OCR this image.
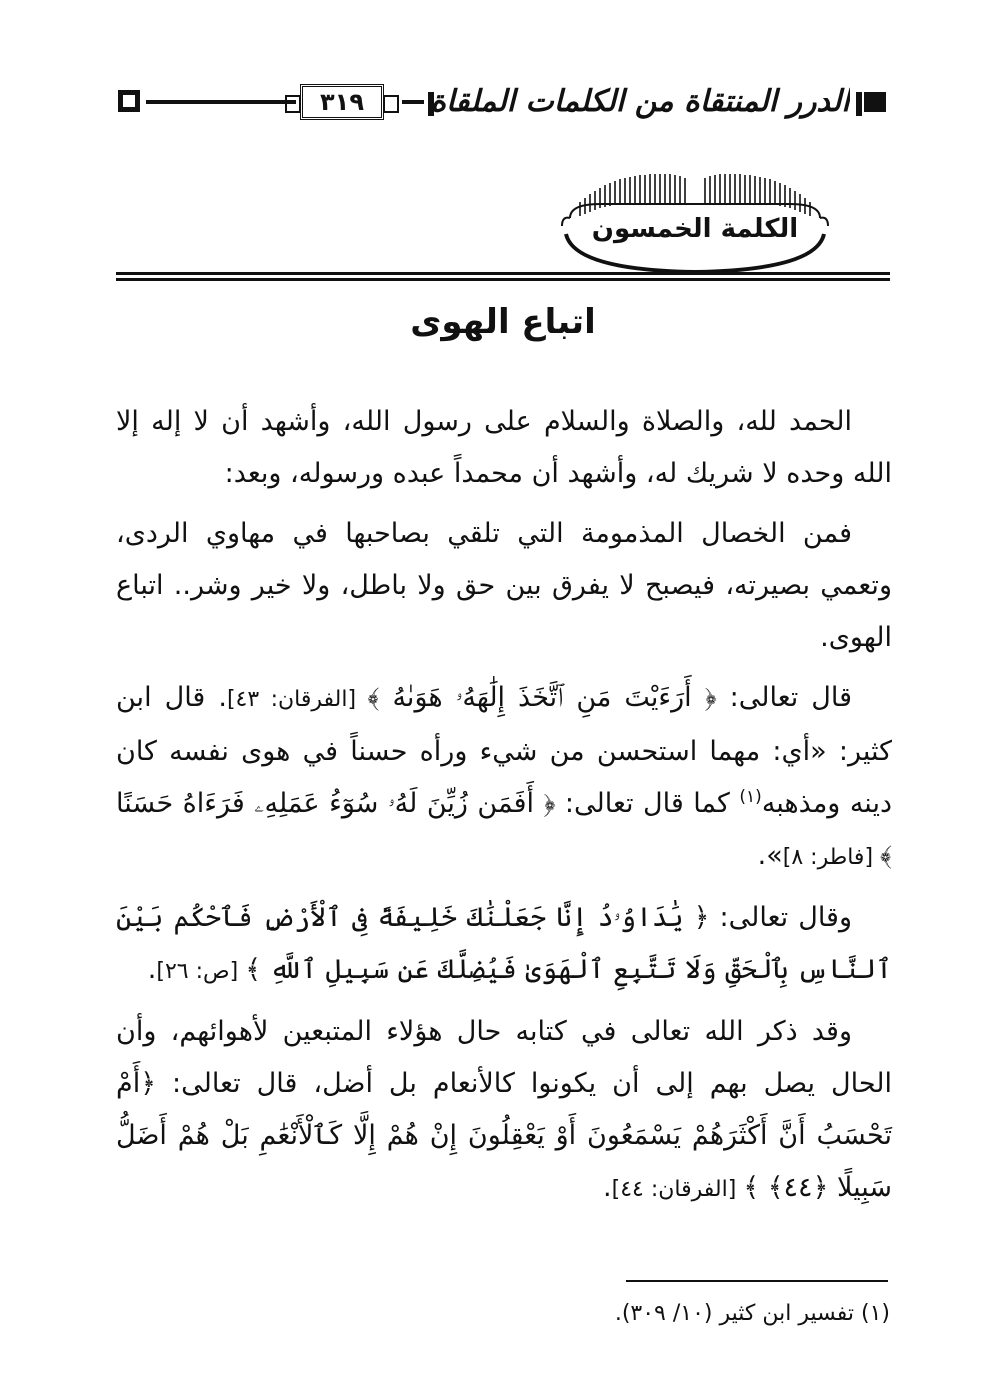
٣١٩	الدرر المنتقاة من الكلمات الملقاة
الكلمة الخمسون
اتباع الهوى

الحمد لله، والصلاة والسلام على رسول الله، وأشهد أن لا إله إلا الله وحده لا شريك له، وأشهد أن محمداً عبده ورسوله، وبعد:

فمن الخصال المذمومة التي تلقي بصاحبها في مهاوي الردى، وتعمي بصيرته، فيصبح لا يفرق بين حق ولا باطل، ولا خير وشر.. اتباع الهوى.

قال تعالى: ﴿ أَرَءَيْتَ مَنِ ٱتَّخَذَ إِلَٰهَهُۥ هَوَىٰهُ ﴾ [الفرقان: ٤٣]. قال ابن كثير: «أي: مهما استحسن من شيء ورأه حسناً في هوى نفسه كان دينه ومذهبه$^{(١)}$ كما قال تعالى: ﴿ أَفَمَن زُيِّنَ لَهُۥ سُوٓءُ عَمَلِهِۦ فَرَءَاهُ حَسَنًا ﴾ [فاطر: ٨]».

وقال تعالى: ﴿ يَٰدَاوُۥدُ إِنَّا جَعَلْنَٰكَ خَلِيفَةً فِى ٱلْأَرْضِ فَٱحْكُم بَيْنَ ٱلنَّاسِ بِٱلْحَقِّ وَلَا تَتَّبِعِ ٱلْهَوَىٰ فَيُضِلَّكَ عَن سَبِيلِ ٱللَّهِ ﴾ [ص: ٢٦].

وقد ذكر الله تعالى في كتابه حال هؤلاء المتبعين لأهوائهم، وأن الحال يصل بهم إلى أن يكونوا كالأنعام بل أضل، قال تعالى: ﴿أَمْ تَحْسَبُ أَنَّ أَكْثَرَهُمْ يَسْمَعُونَ أَوْ يَعْقِلُونَ إِنْ هُمْ إِلَّا كَٱلْأَنْعَٰمِ بَلْ هُمْ أَضَلُّ سَبِيلًا ﴿٤٤﴾ ﴾ [الفرقان: ٤٤].

(١) تفسير ابن كثير (١٠/ ٣٠٩).
